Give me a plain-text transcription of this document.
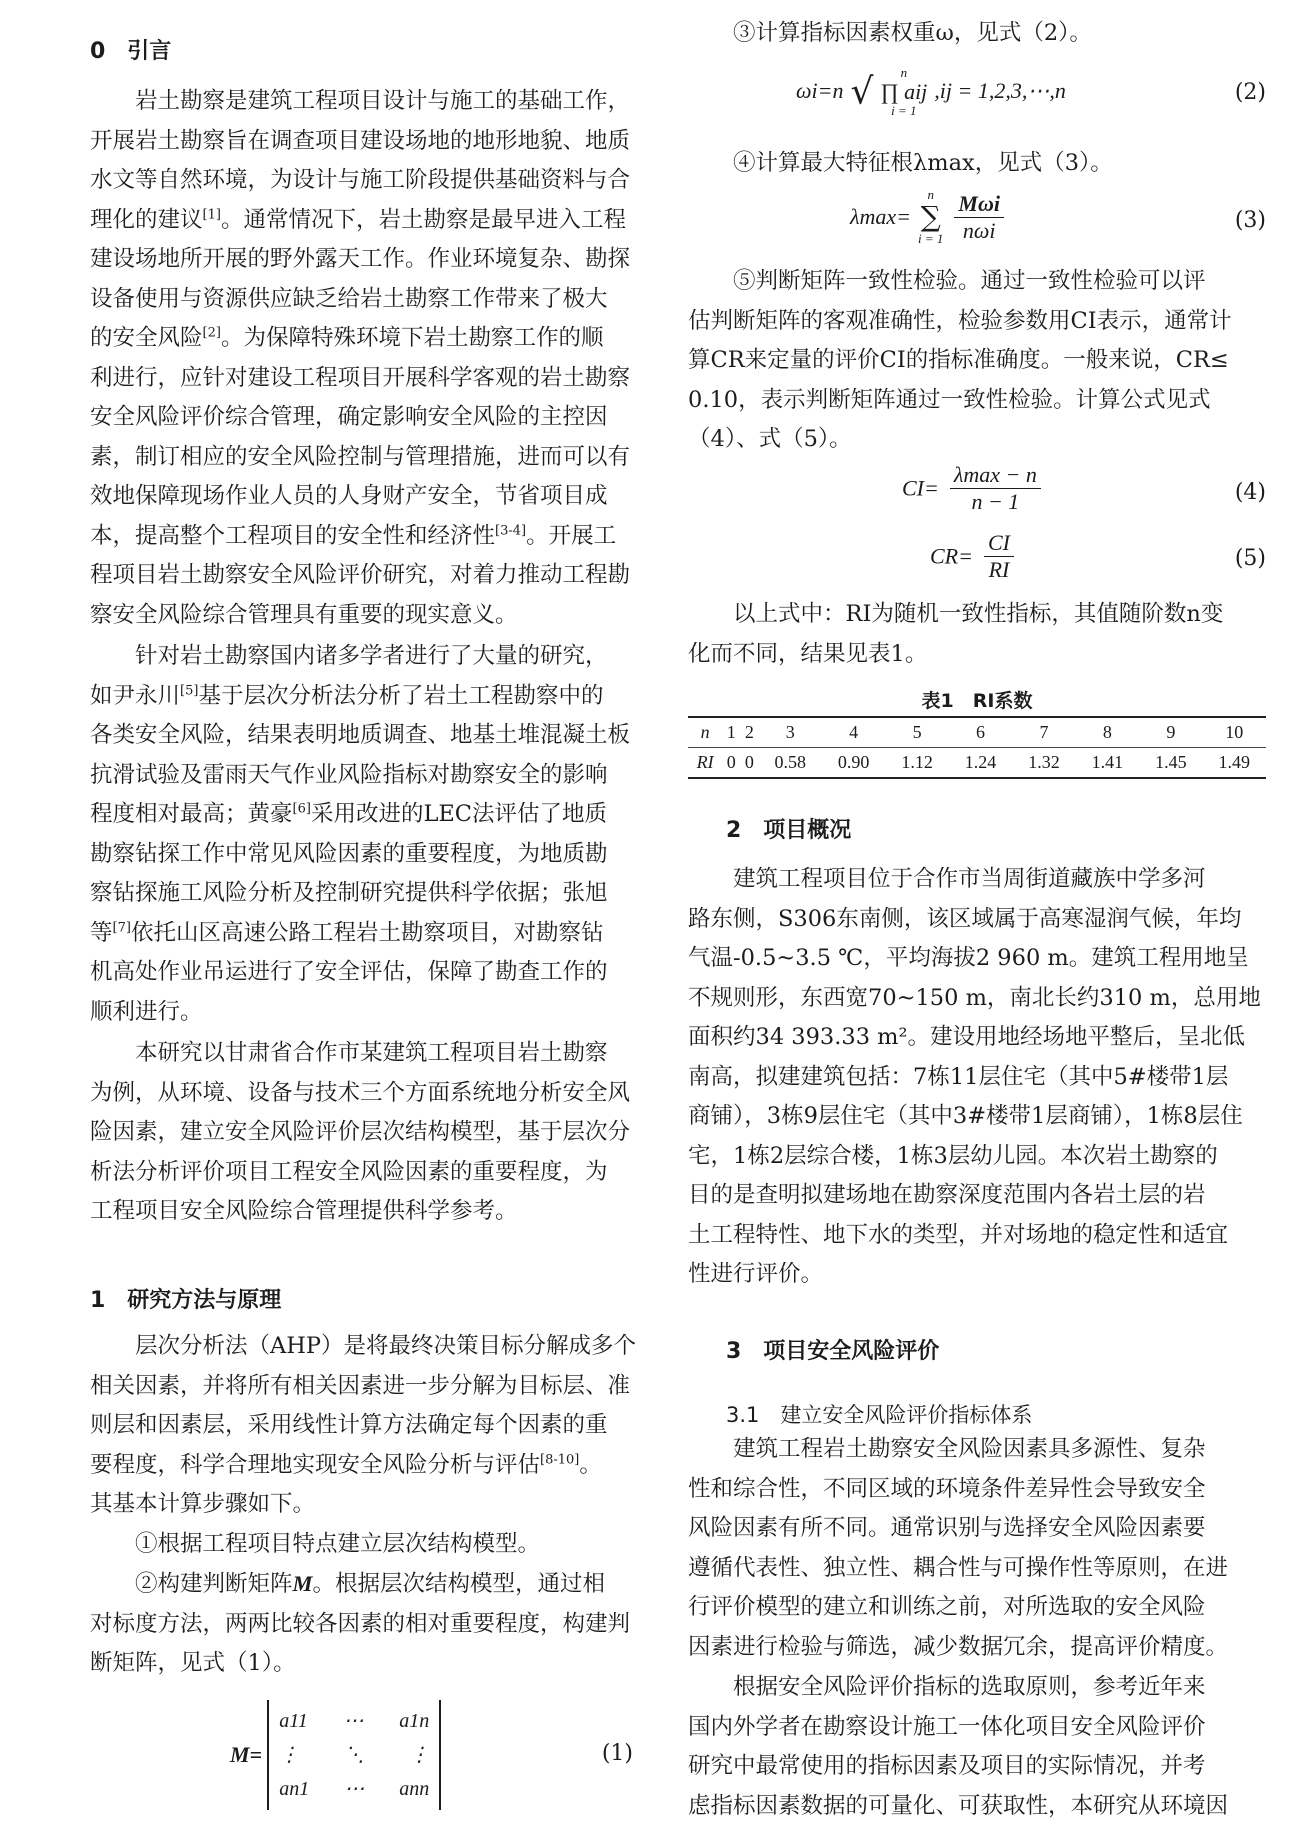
0　引言
岩土勘察是建筑工程项目设计与施工的基础工作，
开展岩土勘察旨在调查项目建设场地的地形地貌、地质
水文等自然环境，为设计与施工阶段提供基础资料与合
理化的建议[1]。通常情况下，岩土勘察是最早进入工程
建设场地所开展的野外露天工作。作业环境复杂、勘探
设备使用与资源供应缺乏给岩土勘察工作带来了极大
的安全风险[2]。为保障特殊环境下岩土勘察工作的顺
利进行，应针对建设工程项目开展科学客观的岩土勘察
安全风险评价综合管理，确定影响安全风险的主控因
素，制订相应的安全风险控制与管理措施，进而可以有
效地保障现场作业人员的人身财产安全，节省项目成
本，提高整个工程项目的安全性和经济性[3-4]。开展工
程项目岩土勘察安全风险评价研究，对着力推动工程勘
察安全风险综合管理具有重要的现实意义。
针对岩土勘察国内诸多学者进行了大量的研究，
如尹永川[5]基于层次分析法分析了岩土工程勘察中的
各类安全风险，结果表明地质调查、地基土堆混凝土板
抗滑试验及雷雨天气作业风险指标对勘察安全的影响
程度相对最高；黄豪[6]采用改进的LEC法评估了地质
勘察钻探工作中常见风险因素的重要程度，为地质勘
察钻探施工风险分析及控制研究提供科学依据；张旭
等[7]依托山区高速公路工程岩土勘察项目，对勘察钻
机高处作业吊运进行了安全评估，保障了勘查工作的
顺利进行。
本研究以甘肃省合作市某建筑工程项目岩土勘察
为例，从环境、设备与技术三个方面系统地分析安全风
险因素，建立安全风险评价层次结构模型，基于层次分
析法分析评价项目工程安全风险因素的重要程度，为
工程项目安全风险综合管理提供科学参考。
1　研究方法与原理
层次分析法（AHP）是将最终决策目标分解成多个
相关因素，并将所有相关因素进一步分解为目标层、准
则层和因素层，采用线性计算方法确定每个因素的重
要程度，科学合理地实现安全风险分析与评估[8-10]。
其基本计算步骤如下。
①根据工程项目特点建立层次结构模型。
②构建判断矩阵M。根据层次结构模型，通过相
对标度方法，两两比较各因素的相对重要程度，构建判
断矩阵，见式（1）。
M=
a11 ⋯ a1n
⋮ ⋱ ⋮
an1 ⋯ ann
(1)
③计算指标因素权重ω，见式（2）。
ωi=n √ n
∏ aij
i = 1
,ij = 1,2,3,⋯,n	(2)
④计算最大特征根λmax，见式（3）。
λmax=
n
∑
i = 1
$\frac{\text{Mωi}}{\text{nωi}}$	(3)
⑤判断矩阵一致性检验。通过一致性检验可以评
估判断矩阵的客观准确性，检验参数用CI表示，通常计
算CR来定量的评价CI的指标准确度。一般来说，CR≤
0.10，表示判断矩阵通过一致性检验。计算公式见式
（4）、式（5）。
$CI= \frac{\lambda\max - n}{n - 1}$	(4)
$CR= \frac{CI}{RI}$	(5)
以上式中：RI为随机一致性指标，其值随阶数n变
化而不同，结果见表1。
表1　RI系数
n	1	2	3	4	5	6	7	8	9	10
RI	0	0	0.58	0.90	1.12	1.24	1.32	1.41	1.45	1.49
2　项目概况
建筑工程项目位于合作市当周街道藏族中学多河
路东侧，S306东南侧，该区域属于高寒湿润气候，年均
气温-0.5~3.5 ℃，平均海拔2 960 m。建筑工程用地呈
不规则形，东西宽70~150 m，南北长约310 m，总用地
面积约34 393.33 m²。建设用地经场地平整后，呈北低
南高，拟建建筑包括：7栋11层住宅（其中5#楼带1层
商铺），3栋9层住宅（其中3#楼带1层商铺），1栋8层住
宅，1栋2层综合楼，1栋3层幼儿园。本次岩土勘察的
目的是查明拟建场地在勘察深度范围内各岩土层的岩
土工程特性、地下水的类型，并对场地的稳定性和适宜
性进行评价。
3　项目安全风险评价
3.1　建立安全风险评价指标体系
建筑工程岩土勘察安全风险因素具多源性、复杂
性和综合性，不同区域的环境条件差异性会导致安全
风险因素有所不同。通常识别与选择安全风险因素要
遵循代表性、独立性、耦合性与可操作性等原则，在进
行评价模型的建立和训练之前，对所选取的安全风险
因素进行检验与筛选，减少数据冗余，提高评价精度。
根据安全风险评价指标的选取原则，参考近年来
国内外学者在勘察设计施工一体化项目安全风险评价
研究中最常使用的指标因素及项目的实际情况，并考
虑指标因素数据的可量化、可获取性，本研究从环境因
